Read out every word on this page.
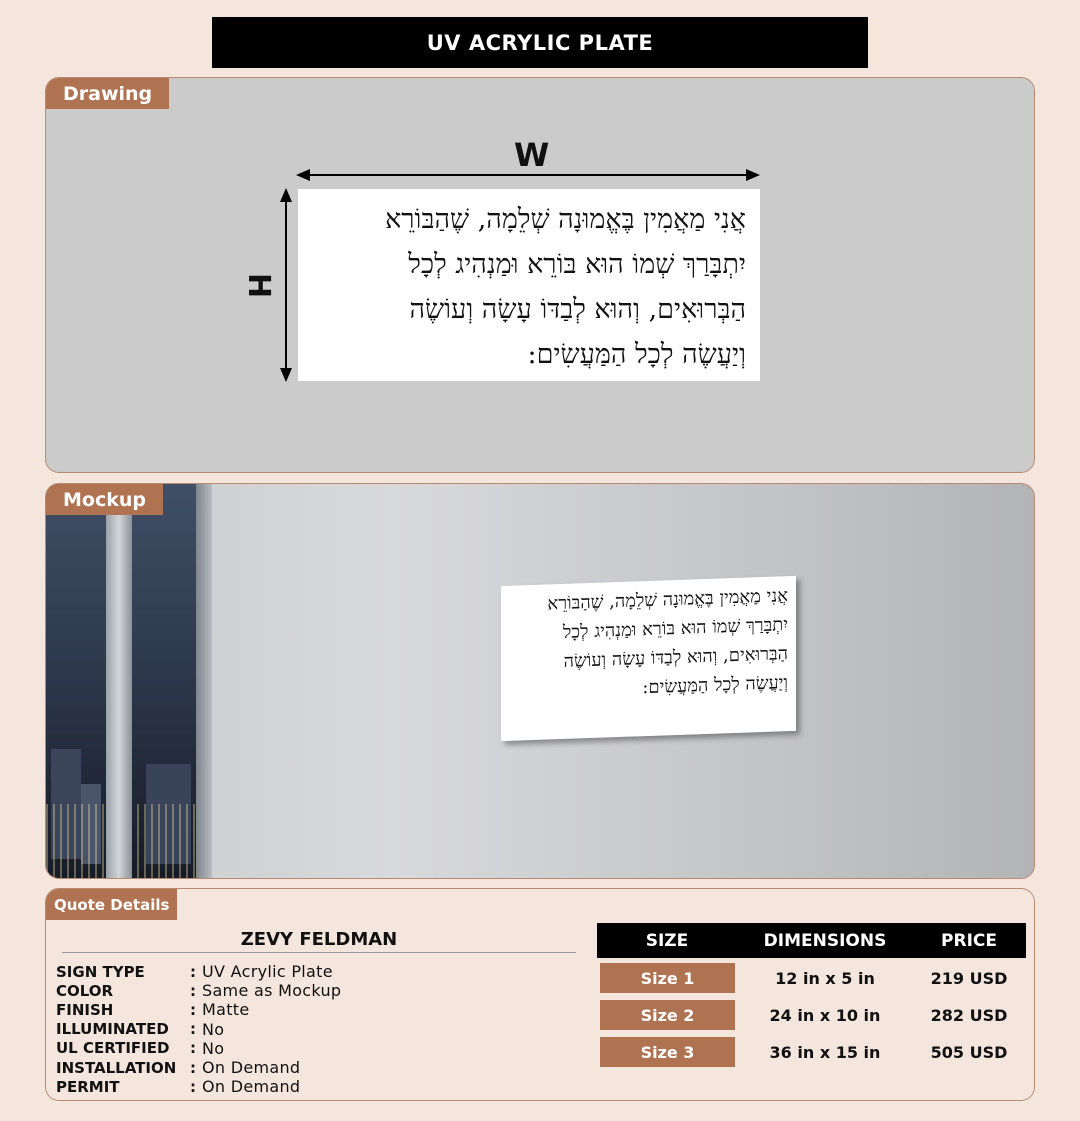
UV ACRYLIC PLATE
Drawing
W
H
אֲנִי מַאֲמִין בֶּאֱמוּנָה שְׁלֵמָה, שֶׁהַבּוֹרֵא
יִתְבָּרַךְ שְׁמוֹ הוּא בּוֹרֵא וּמַנְהִיג לְכָל
הַבְּרוּאִים, וְהוּא לְבַדּוֹ עָשָׂה וְעוֹשֶׂה
וְיַעֲשֶׂה לְכָל הַמַּעֲשִׂים:
Mockup
אֲנִי מַאֲמִין בֶּאֱמוּנָה שְׁלֵמָה, שֶׁהַבּוֹרֵא
יִתְבָּרַךְ שְׁמוֹ הוּא בּוֹרֵא וּמַנְהִיג לְכָל
הַבְּרוּאִים, וְהוּא לְבַדּוֹ עָשָׂה וְעוֹשֶׂה
וְיַעֲשֶׂה לְכָל הַמַּעֲשִׂים:
Quote Details
ZEVY FELDMAN
SIGN TYPE	: UV Acrylic Plate
COLOR	: Same as Mockup
FINISH	: Matte
ILLUMINATED	: No
UL CERTIFIED	: No
INSTALLATION : On Demand
PERMIT	: On Demand
SIZE	DIMENSIONS	PRICE
Size 1	12 in x 5 in	219 USD
Size 2	24 in x 10 in	282 USD
Size 3	36 in x 15 in	505 USD
